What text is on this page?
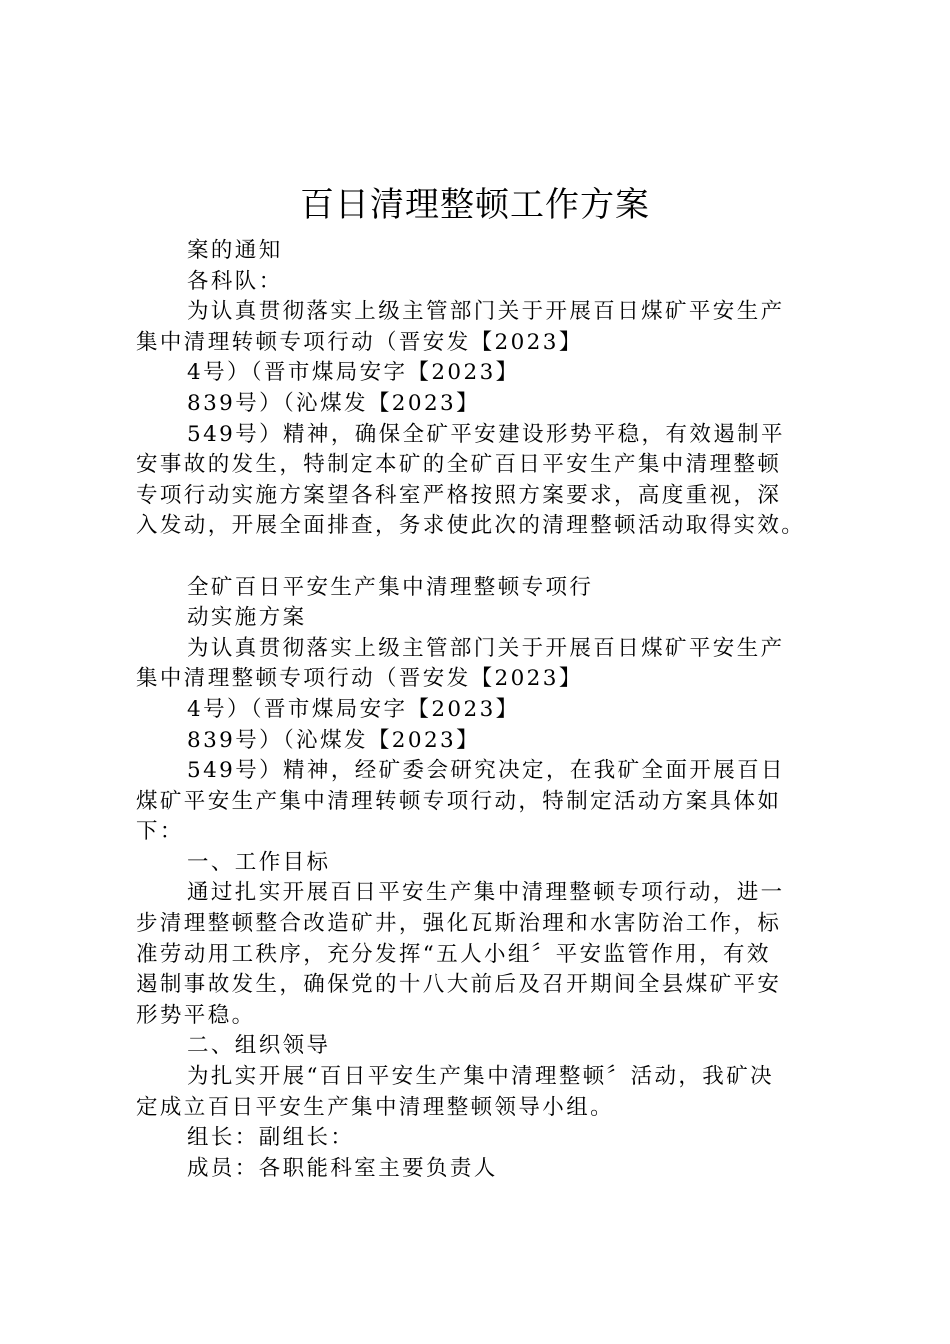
百日清理整顿工作方案
案的通知
各科队：
为认真贯彻落实上级主管部门关于开展百日煤矿平安生产
集中清理转顿专项行动（晋安发【2023】
4号）（晋市煤局安字【2023】
839号）（沁煤发【2023】
549号）精神，确保全矿平安建设形势平稳，有效遏制平
安事故的发生，特制定本矿的全矿百日平安生产集中清理整顿
专项行动实施方案望各科室严格按照方案要求，高度重视，深
入发动，开展全面排查，务求使此次的清理整顿活动取得实效。
全矿百日平安生产集中清理整顿专项行
动实施方案
为认真贯彻落实上级主管部门关于开展百日煤矿平安生产
集中清理整顿专项行动（晋安发【2023】
4号）（晋市煤局安字【2023】
839号）（沁煤发【2023】
549号）精神，经矿委会研究决定，在我矿全面开展百日
煤矿平安生产集中清理转顿专项行动，特制定活动方案具体如
下：
一、工作目标
通过扎实开展百日平安生产集中清理整顿专项行动，进一
步清理整顿整合改造矿井，强化瓦斯治理和水害防治工作，标
准劳动用工秩序，充分发挥“五人小组〞平安监管作用，有效
遏制事故发生，确保党的十八大前后及召开期间全县煤矿平安
形势平稳。
二、组织领导
为扎实开展“百日平安生产集中清理整顿〞活动，我矿决
定成立百日平安生产集中清理整顿领导小组。
组长：副组长：
成员：各职能科室主要负责人
